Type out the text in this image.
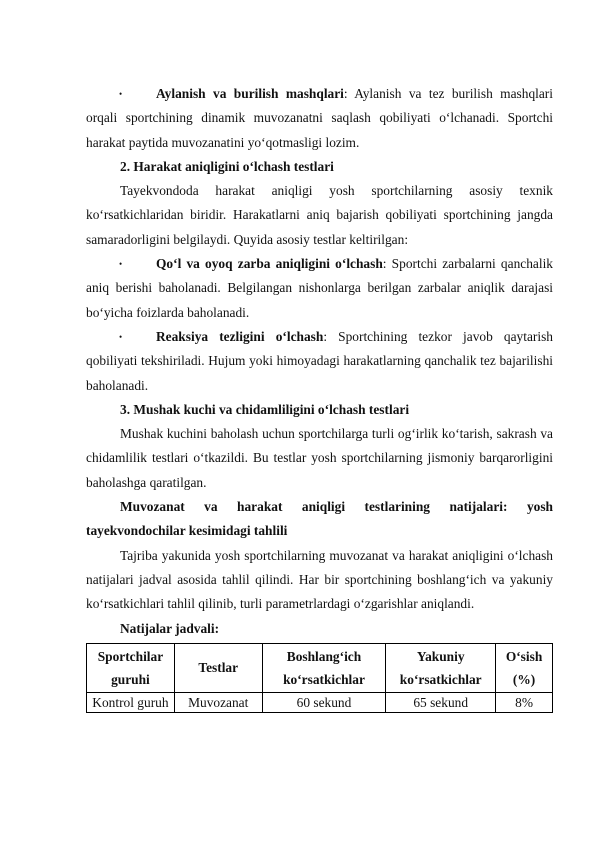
•	Aylanish va burilish mashqlari: Aylanish va tez burilish mashqlari orqali sportchining dinamik muvozanatni saqlash qobiliyati o‘lchanadi. Sportchi harakat paytida muvozanatini yo‘qotmasligi lozim.

2. Harakat aniqligini o‘lchash testlari

Tayekvondoda harakat aniqligi yosh sportchilarning asosiy texnik ko‘rsatkichlaridan biridir. Harakatlarni aniq bajarish qobiliyati sportchining jangda samaradorligini belgilaydi. Quyida asosiy testlar keltirilgan:

•	Qo‘l va oyoq zarba aniqligini o‘lchash: Sportchi zarbalarni qanchalik aniq berishi baholanadi. Belgilangan nishonlarga berilgan zarbalar aniqlik darajasi bo‘yicha foizlarda baholanadi.

•	Reaksiya tezligini o‘lchash: Sportchining tezkor javob qaytarish qobiliyati tekshiriladi. Hujum yoki himoyadagi harakatlarning qanchalik tez bajarilishi baholanadi.

3. Mushak kuchi va chidamliligini o‘lchash testlari

Mushak kuchini baholash uchun sportchilarga turli og‘irlik ko‘tarish, sakrash va chidamlilik testlari o‘tkazildi. Bu testlar yosh sportchilarning jismoniy barqarorligini baholashga qaratilgan.

Muvozanat va harakat aniqligi testlarining natijalari: yosh tayekvondochilar kesimidagi tahlili

Tajriba yakunida yosh sportchilarning muvozanat va harakat aniqligini o‘lchash natijalari jadval asosida tahlil qilindi. Har bir sportchining boshlang‘ich va yakuniy ko‘rsatkichlari tahlil qilinib, turli parametrlardagi o‘zgarishlar aniqlandi.

Natijalar jadvali:

Sportchilar guruhi	Testlar	Boshlang‘ich ko‘rsatkichlar	Yakuniy ko‘rsatkichlar	O‘sish (%)
Kontrol guruh	Muvozanat	60 sekund	65 sekund	8%
